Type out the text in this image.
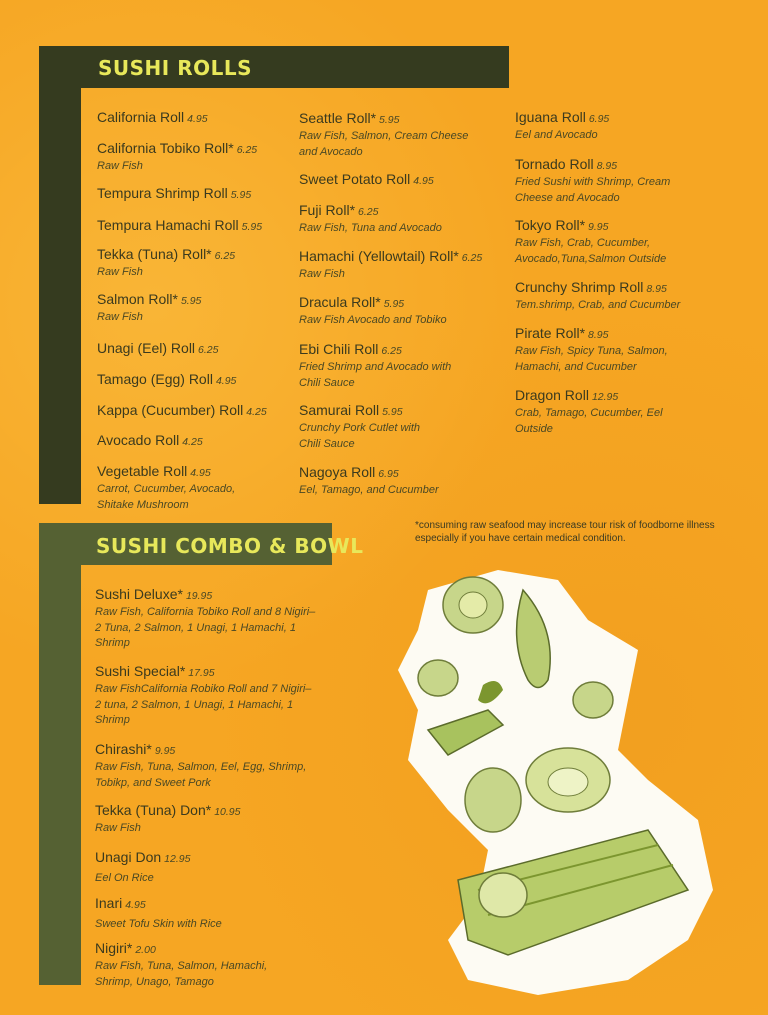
SUSHI ROLLS
SUSHI COMBO & BOWL
California Roll 4.95
California Tobiko Roll* 6.25
Raw Fish
Tempura Shrimp Roll 5.95
Tempura Hamachi Roll 5.95
Tekka (Tuna) Roll* 6.25
Raw Fish
Salmon Roll* 5.95
Raw Fish
Unagi (Eel) Roll 6.25
Tamago (Egg) Roll 4.95
Kappa (Cucumber) Roll 4.25
Avocado Roll 4.25
Vegetable Roll 4.95
Carrot, Cucumber, Avocado, Shitake Mushroom
Seattle Roll* 5.95
Raw Fish, Salmon, Cream Cheese and Avocado
Sweet Potato Roll 4.95
Fuji Roll* 6.25
Raw Fish, Tuna and Avocado
Hamachi (Yellowtail) Roll* 6.25
Raw Fish
Dracula Roll* 5.95
Raw Fish Avocado and Tobiko
Ebi Chili Roll 6.25
Fried Shrimp and Avocado with Chili Sauce
Samurai Roll 5.95
Crunchy Pork Cutlet with Chili Sauce
Nagoya Roll 6.95
Eel, Tamago, and Cucumber
Iguana Roll 6.95
Eel and Avocado
Tornado Roll 8.95
Fried Sushi with Shrimp, Cream Cheese and Avocado
Tokyo Roll* 9.95
Raw Fish, Crab, Cucumber, Avocado,Tuna,Salmon Outside
Crunchy Shrimp Roll 8.95
Tem.shrimp, Crab, and Cucumber
Pirate Roll* 8.95
Raw Fish, Spicy Tuna, Salmon, Hamachi, and Cucumber
Dragon Roll 12.95
Crab, Tamago, Cucumber, Eel Outside
*consuming raw seafood may increase tour risk of foodborne illness especially if you have certain medical condition.
Sushi Deluxe* 19.95
Raw Fish, California Tobiko Roll and 8 Nigiri– 2 Tuna, 2 Salmon, 1 Unagi, 1 Hamachi, 1 Shrimp
Sushi Special* 17.95
Raw FishCalifornia Robiko Roll and 7 Nigiri– 2 tuna, 2 Salmon, 1 Unagi, 1 Hamachi, 1 Shrimp
Chirashi* 9.95
Raw Fish, Tuna, Salmon, Eel, Egg, Shrimp, Tobikp, and Sweet Pork
Tekka (Tuna) Don* 10.95
Raw Fish
Unagi Don 12.95
Eel On Rice
Inari 4.95
Sweet Tofu Skin with Rice
Nigiri* 2.00
Raw Fish, Tuna, Salmon, Hamachi, Shrimp, Unago, Tamago
